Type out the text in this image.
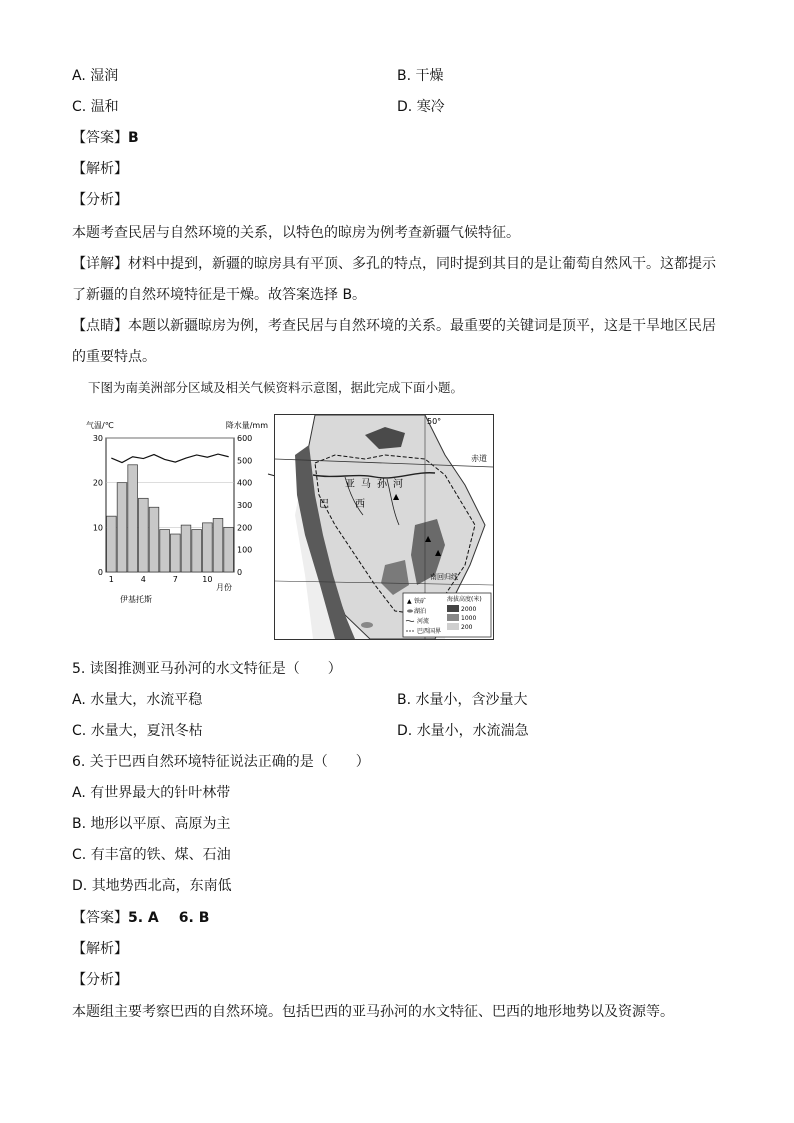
A. 湿润	B. 干燥
C. 温和	D. 寒冷
【答案】B
【解析】
【分析】
本题考查民居与自然环境的关系，以特色的晾房为例考查新疆气候特征。
【详解】材料中提到，新疆的晾房具有平顶、多孔的特点，同时提到其目的是让葡萄自然风干。这都提示
了新疆的自然环境特征是干燥。故答案选择 B。
【点睛】本题以新疆晾房为例，考查民居与自然环境的关系。最重要的关键词是顶平，这是干旱地区民居
的重要特点。
下图为南美洲部分区域及相关气候资料示意图，据此完成下面小题。
气温/℃	降水量/mm
0
10
20
30
0
100
200
300
400
500
600
1	4	7	10
月份
伊基托斯
赤道
50°
南回归线
亚马孙河
巴西
▲
▲
▲
▲ 铁矿
湖泊
河流
巴西国界
海拔高度(米)
2000
1000
200
5. 读图推测亚马孙河的水文特征是（　　）
A. 水量大，水流平稳	B. 水量小，含沙量大
C. 水量大，夏汛冬枯	D. 水量小，水流湍急
6. 关于巴西自然环境特征说法正确的是（　　）
A. 有世界最大的针叶林带
B. 地形以平原、高原为主
C. 有丰富的铁、煤、石油
D. 其地势西北高，东南低
【答案】5. A 6. B
【解析】
【分析】
本题组主要考察巴西的自然环境。包括巴西的亚马孙河的水文特征、巴西的地形地势以及资源等。
